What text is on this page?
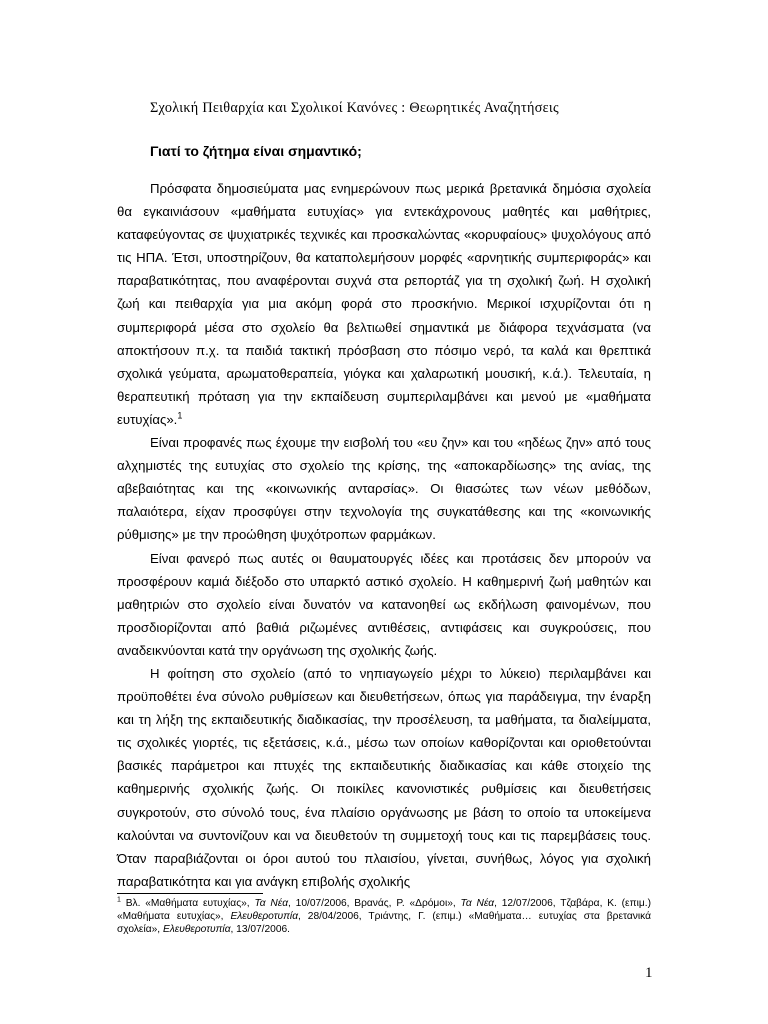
Σχολική Πειθαρχία και Σχολικοί Κανόνες : Θεωρητικές Αναζητήσεις
Γιατί το ζήτημα είναι σημαντικό;

Πρόσφατα δημοσιεύματα μας ενημερώνουν πως μερικά βρετανικά δημόσια σχολεία θα εγκαινιάσουν «μαθήματα ευτυχίας» για εντεκάχρονους μαθητές και μαθήτριες, καταφεύγοντας σε ψυχιατρικές τεχνικές και προσκαλώντας «κορυφαίους» ψυχολόγους από τις ΗΠΑ. Έτσι, υποστηρίζουν, θα καταπολεμήσουν μορφές «αρνητικής συμπεριφοράς» και παραβατικότητας, που αναφέρονται συχνά στα ρεπορτάζ για τη σχολική ζωή. Η σχολική ζωή και πειθαρχία για μια ακόμη φορά στο προσκήνιο. Μερικοί ισχυρίζονται ότι η συμπεριφορά μέσα στο σχολείο θα βελτιωθεί σημαντικά με διάφορα τεχνάσματα (να αποκτήσουν π.χ. τα παιδιά τακτική πρόσβαση στο πόσιμο νερό, τα καλά και θρεπτικά σχολικά γεύματα, αρωματοθεραπεία, γιόγκα και χαλαρωτική μουσική, κ.ά.). Τελευταία, η θεραπευτική πρόταση για την εκπαίδευση συμπεριλαμβάνει και μενού με «μαθήματα ευτυχίας».$^1$

Είναι προφανές πως έχουμε την εισβολή του «ευ ζην» και του «ηδέως ζην» από τους αλχημιστές της ευτυχίας στο σχολείο της κρίσης, της «αποκαρδίωσης» της ανίας, της αβεβαιότητας και της «κοινωνικής ανταρσίας». Οι θιασώτες των νέων μεθόδων, παλαιότερα, είχαν προσφύγει στην τεχνολογία της συγκατάθεσης και της «κοινωνικής ρύθμισης» με την προώθηση ψυχότροπων φαρμάκων.

Είναι φανερό πως αυτές οι θαυματουργές ιδέες και προτάσεις δεν μπορούν να προσφέρουν καμιά διέξοδο στο υπαρκτό αστικό σχολείο. Η καθημερινή ζωή μαθητών και μαθητριών στο σχολείο είναι δυνατόν να κατανοηθεί ως εκδήλωση φαινομένων, που προσδιορίζονται από βαθιά ριζωμένες αντιθέσεις, αντιφάσεις και συγκρούσεις, που αναδεικνύονται κατά την οργάνωση της σχολικής ζωής.

Η φοίτηση στο σχολείο (από το νηπιαγωγείο μέχρι το λύκειο) περιλαμβάνει και προϋποθέτει ένα σύνολο ρυθμίσεων και διευθετήσεων, όπως για παράδειγμα, την έναρξη και τη λήξη της εκπαιδευτικής διαδικασίας, την προσέλευση, τα μαθήματα, τα διαλείμματα, τις σχολικές γιορτές, τις εξετάσεις, κ.ά., μέσω των οποίων καθορίζονται και οριοθετούνται βασικές παράμετροι και πτυχές της εκπαιδευτικής διαδικασίας και κάθε στοιχείο της καθημερινής σχολικής ζωής. Οι ποικίλες κανονιστικές ρυθμίσεις και διευθετήσεις συγκροτούν, στο σύνολό τους, ένα πλαίσιο οργάνωσης με βάση το οποίο τα υποκείμενα καλούνται να συντονίζουν και να διευθετούν τη συμμετοχή τους και τις παρεμβάσεις τους. Όταν παραβιάζονται οι όροι αυτού του πλαισίου, γίνεται, συνήθως, λόγος για σχολική παραβατικότητα και για ανάγκη επιβολής σχολικής

$^1$ Βλ. «Μαθήματα ευτυχίας», Τα Νέα, 10/07/2006, Βρανάς, Ρ. «Δρόμοι», Τα Νέα, 12/07/2006, Τζαβάρα, Κ. (επιμ.) «Μαθήματα ευτυχίας», Ελευθεροτυπία, 28/04/2006, Τριάντης, Γ. (επιμ.) «Μαθήματα… ευτυχίας στα βρετανικά σχολεία», Ελευθεροτυπία, 13/07/2006.
1
